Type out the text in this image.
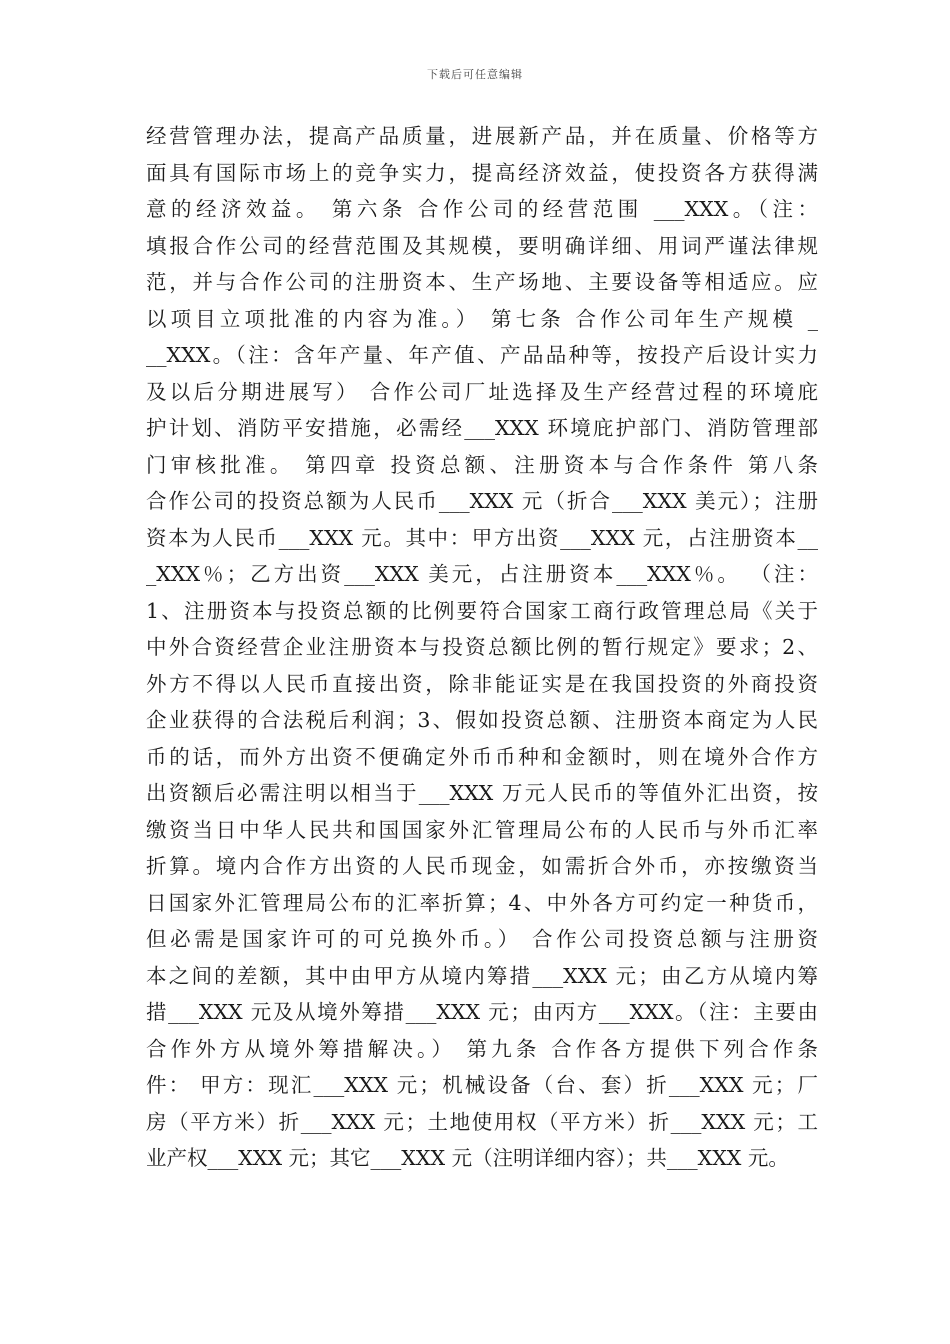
下载后可任意编辑
经营管理办法，提高产品质量，进展新产品，并在质量、价格等方
面具有国际市场上的竞争实力，提高经济效益，使投资各方获得满
意的经济效益。 第六条 合作公司的经营范围 ___XXX。（注：
填报合作公司的经营范围及其规模，要明确详细、用词严谨法律规
范，并与合作公司的注册资本、生产场地、主要设备等相适应。应
以项目立项批准的内容为准。） 第七条 合作公司年生产规模 _
__XXX。（注：含年产量、年产值、产品品种等，按投产后设计实力
及以后分期进展写） 合作公司厂址选择及生产经营过程的环境庇
护计划、消防平安措施，必需经___XXX 环境庇护部门、消防管理部
门审核批准。 第四章 投资总额、注册资本与合作条件 第八条
合作公司的投资总额为人民币___XXX 元（折合___XXX 美元）；注册
资本为人民币___XXX 元。其中：甲方出资___XXX 元，占注册资本__
_XXX％；乙方出资___XXX 美元，占注册资本___XXX％。 （注：
1、注册资本与投资总额的比例要符合国家工商行政管理总局《关于
中外合资经营企业注册资本与投资总额比例的暂行规定》要求；2、
外方不得以人民币直接出资，除非能证实是在我国投资的外商投资
企业获得的合法税后利润；3、假如投资总额、注册资本商定为人民
币的话，而外方出资不便确定外币币种和金额时，则在境外合作方
出资额后必需注明以相当于___XXX 万元人民币的等值外汇出资，按
缴资当日中华人民共和国国家外汇管理局公布的人民币与外币汇率
折算。境内合作方出资的人民币现金，如需折合外币，亦按缴资当
日国家外汇管理局公布的汇率折算；4、中外各方可约定一种货币，
但必需是国家许可的可兑换外币。） 合作公司投资总额与注册资
本之间的差额，其中由甲方从境内筹措___XXX 元；由乙方从境内筹
措___XXX 元及从境外筹措___XXX 元；由丙方___XXX。（注：主要由
合作外方从境外筹措解决。） 第九条 合作各方提供下列合作条
件： 甲方：现汇___XXX 元；机械设备（台、套）折___XXX 元；厂
房（平方米）折___XXX 元；土地使用权（平方米）折___XXX 元；工
业产权___XXX 元；其它___XXX 元（注明详细内容）；共___XXX 元。
